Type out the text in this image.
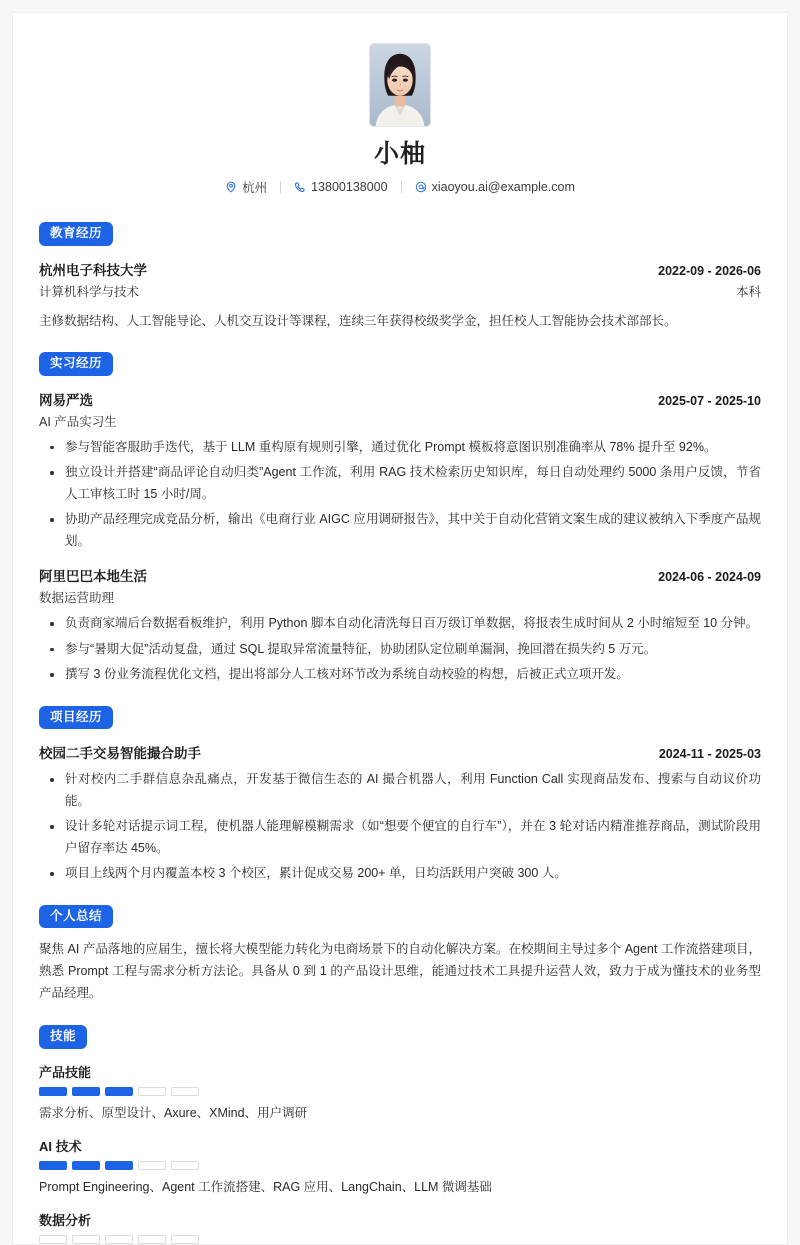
小柚
杭州	13800138000	xiaoyou.ai@example.com
教育经历
杭州电子科技大学	2022-09 - 2026-06
计算机科学与技术	本科
主修数据结构、人工智能导论、人机交互设计等课程，连续三年获得校级奖学金，担任校人工智能协会技术部部长。
实习经历
网易严选	2025-07 - 2025-10
AI 产品实习生
参与智能客服助手迭代，基于 LLM 重构原有规则引擎，通过优化 Prompt 模板将意图识别准确率从 78% 提升至 92%。
独立设计并搭建“商品评论自动归类”Agent 工作流，利用 RAG 技术检索历史知识库，每日自动处理约 5000 条用户反馈，节省人工审核工时 15 小时/周。
协助产品经理完成竞品分析，输出《电商行业 AIGC 应用调研报告》，其中关于自动化营销文案生成的建议被纳入下季度产品规划。
阿里巴巴本地生活	2024-06 - 2024-09
数据运营助理
负责商家端后台数据看板维护，利用 Python 脚本自动化清洗每日百万级订单数据，将报表生成时间从 2 小时缩短至 10 分钟。
参与“暑期大促”活动复盘，通过 SQL 提取异常流量特征，协助团队定位刷单漏洞，挽回潜在损失约 5 万元。
撰写 3 份业务流程优化文档，提出将部分人工核对环节改为系统自动校验的构想，后被正式立项开发。
项目经历
校园二手交易智能撮合助手	2024-11 - 2025-03
针对校内二手群信息杂乱痛点，开发基于微信生态的 AI 撮合机器人，利用 Function Call 实现商品发布、搜索与自动议价功能。
设计多轮对话提示词工程，使机器人能理解模糊需求（如“想要个便宜的自行车”），并在 3 轮对话内精准推荐商品，测试阶段用户留存率达 45%。
项目上线两个月内覆盖本校 3 个校区，累计促成交易 200+ 单，日均活跃用户突破 300 人。
个人总结
聚焦 AI 产品落地的应届生，擅长将大模型能力转化为电商场景下的自动化解决方案。在校期间主导过多个 Agent 工作流搭建项目，熟悉 Prompt 工程与需求分析方法论。具备从 0 到 1 的产品设计思维，能通过技术工具提升运营人效，致力于成为懂技术的业务型产品经理。
技能
产品技能
需求分析、原型设计、Axure、XMind、用户调研
AI 技术
Prompt Engineering、Agent 工作流搭建、RAG 应用、LangChain、LLM 微调基础
数据分析
